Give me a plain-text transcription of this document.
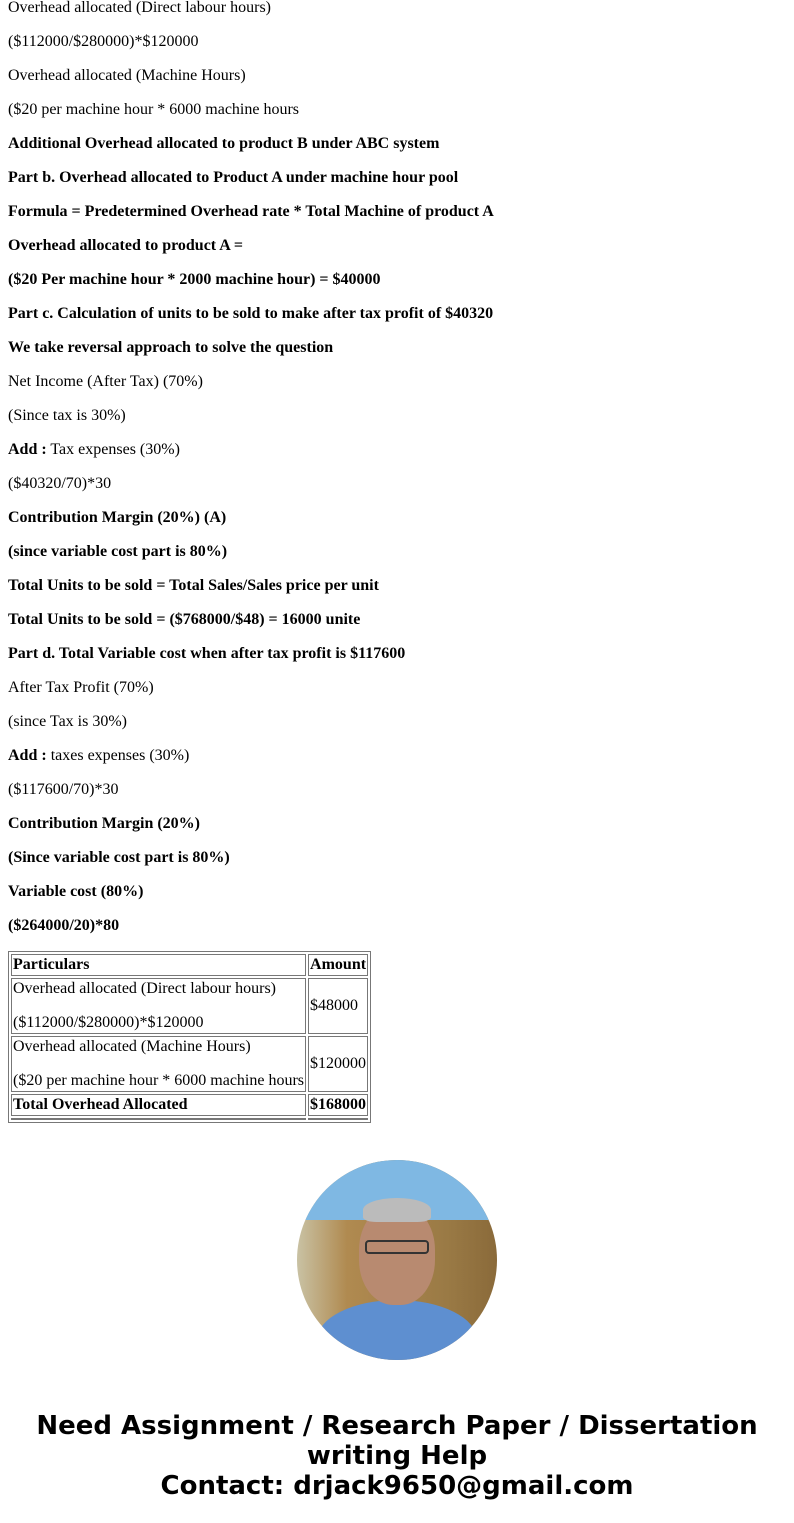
Overhead allocated (Direct labour hours)

($112000/$280000)*$120000

Overhead allocated (Machine Hours)

($20 per machine hour * 6000 machine hours

Additional Overhead allocated to product B under ABC system

Part b. Overhead allocated to Product A under machine hour pool

Formula = Predetermined Overhead rate * Total Machine of product A

Overhead allocated to product A =

($20 Per machine hour * 2000 machine hour) = $40000

Part c. Calculation of units to be sold to make after tax profit of $40320

We take reversal approach to solve the question

Net Income (After Tax) (70%)

(Since tax is 30%)

Add : Tax expenses (30%)

($40320/70)*30

Contribution Margin (20%) (A)

(since variable cost part is 80%)

Total Units to be sold = Total Sales/Sales price per unit

Total Units to be sold = ($768000/$48) = 16000 unite

Part d. Total Variable cost when after tax profit is $117600

After Tax Profit (70%)

(since Tax is 30%)

Add : taxes expenses (30%)

($117600/70)*30

Contribution Margin (20%)

(Since variable cost part is 80%)

Variable cost (80%)

($264000/20)*80

Particulars	Amount

Overhead allocated (Direct labour hours)

($112000/$280000)*$120000	$48000

Overhead allocated (Machine Hours)

($20 per machine hour * 6000 machine hours	$120000
Total Overhead Allocated	$168000

Need Assignment / Research Paper / Dissertation writing Help
Contact: drjack9650@gmail.com
